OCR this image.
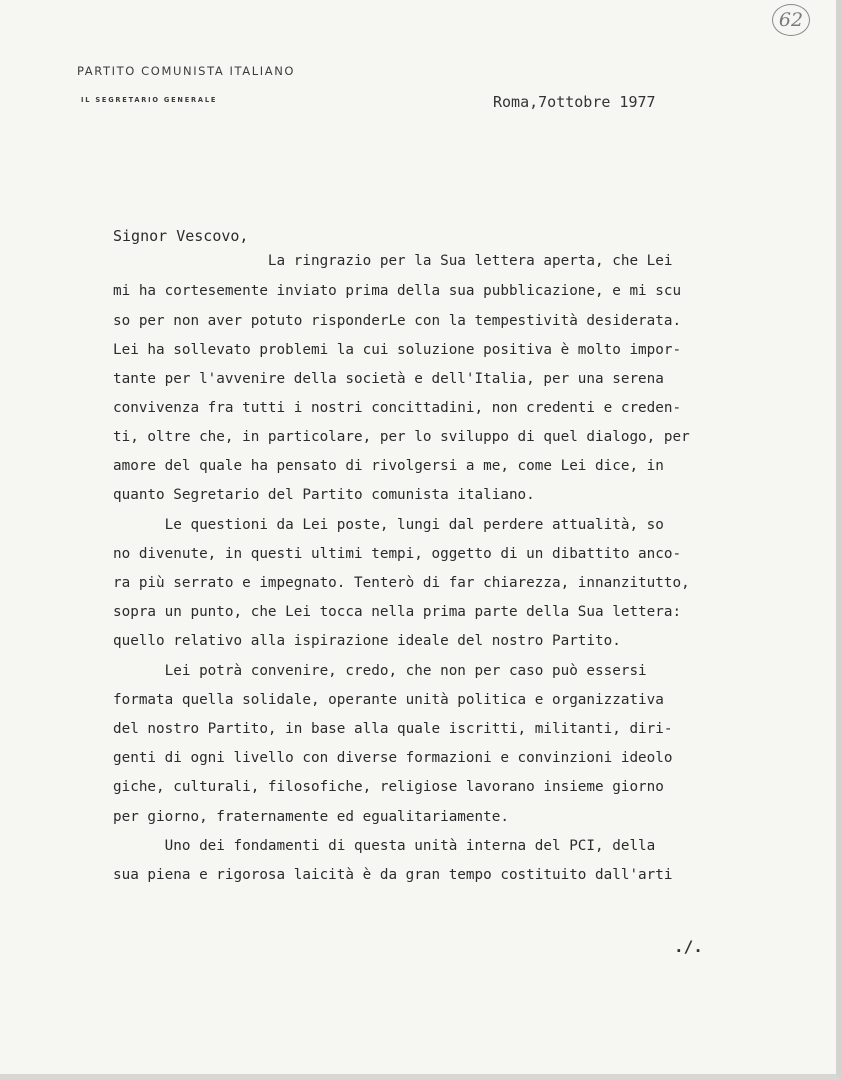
62
PARTITO COMUNISTA ITALIANO
IL SEGRETARIO GENERALE	Roma,7ottobre 1977
Signor Vescovo,
La ringrazio per la Sua lettera aperta, che Lei
mi ha cortesemente inviato prima della sua pubblicazione, e mi scu
so per non aver potuto risponderLe con la tempestività desiderata.
Lei ha sollevato problemi la cui soluzione positiva è molto impor-
tante per l'avvenire della società e dell'Italia, per una serena
convivenza fra tutti i nostri concittadini, non credenti e creden-
ti, oltre che, in particolare, per lo sviluppo di quel dialogo, per
amore del quale ha pensato di rivolgersi a me, come Lei dice, in
quanto Segretario del Partito comunista italiano.
Le questioni da Lei poste, lungi dal perdere attualità, so
no divenute, in questi ultimi tempi, oggetto di un dibattito anco-
ra più serrato e impegnato. Tenterò di far chiarezza, innanzitutto,
sopra un punto, che Lei tocca nella prima parte della Sua lettera:
quello relativo alla ispirazione ideale del nostro Partito.
Lei potrà convenire, credo, che non per caso può essersi
formata quella solidale, operante unità politica e organizzativa
del nostro Partito, in base alla quale iscritti, militanti, diri-
genti di ogni livello con diverse formazioni e convinzioni ideolo
giche, culturali, filosofiche, religiose lavorano insieme giorno
per giorno, fraternamente ed egualitariamente.
Uno dei fondamenti di questa unità interna del PCI, della
sua piena e rigorosa laicità è da gran tempo costituito dall'arti
./.
